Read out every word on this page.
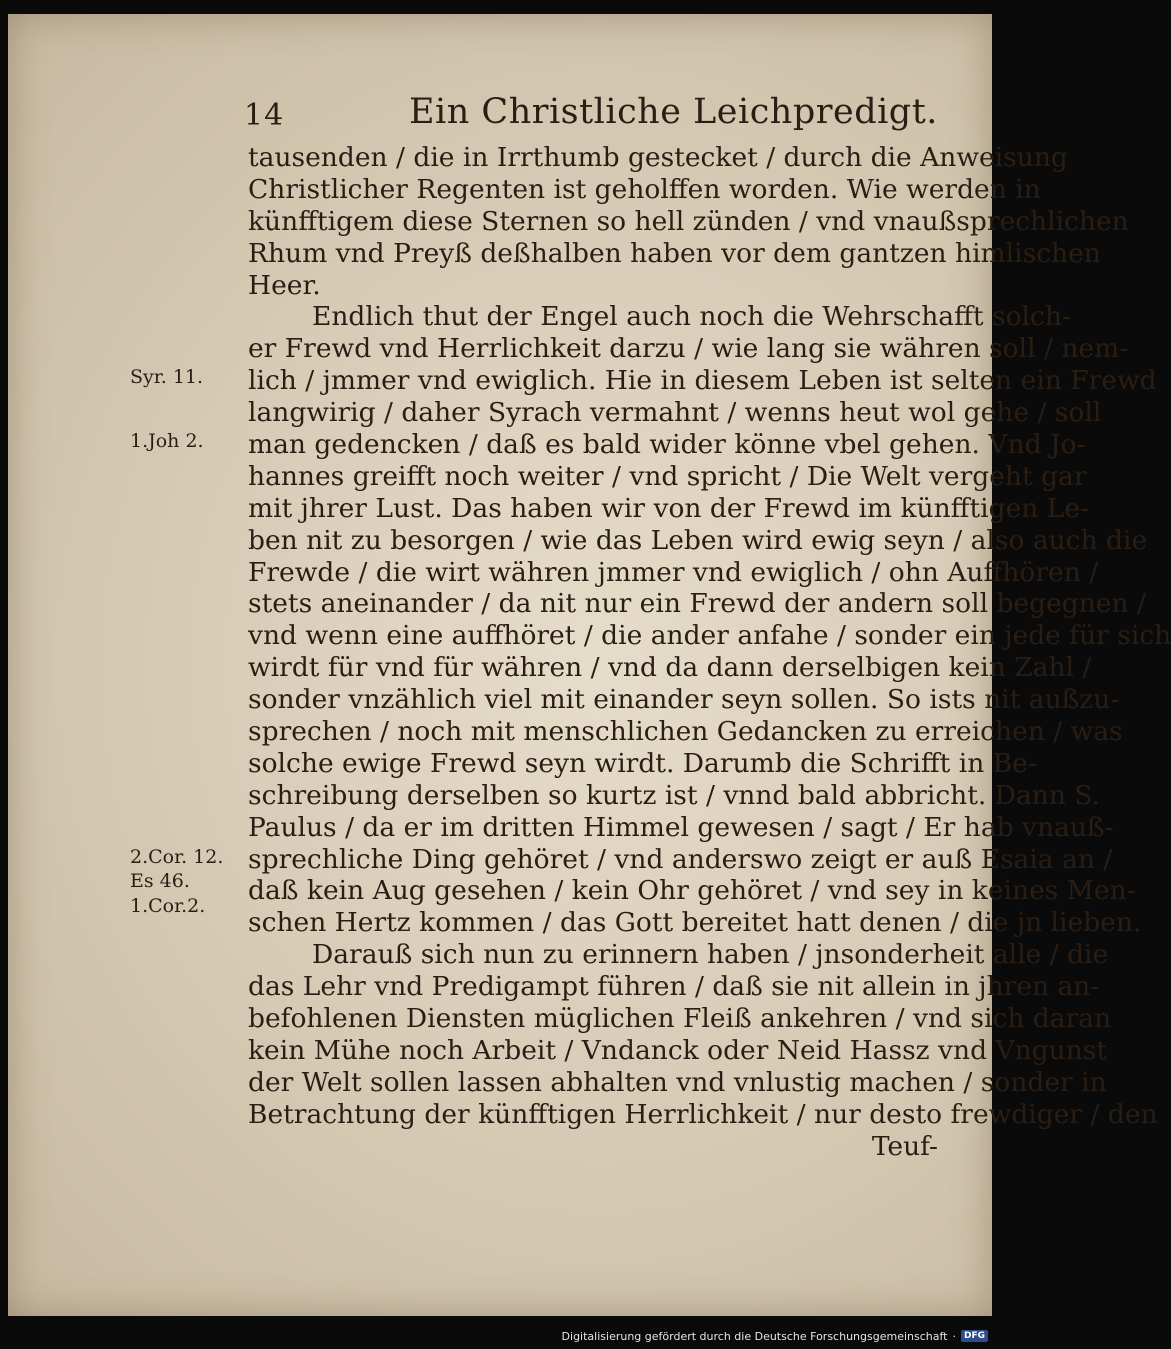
14	Ein Christliche Leichpredigt.
tausenden / die in Irrthumb gestecket / durch die Anweisung
Christlicher Regenten ist geholffen worden. Wie werden in
künfftigem diese Sternen so hell zünden / vnd vnaußsprechlichen
Rhum vnd Preyß deßhalben haben vor dem gantzen himlischen
Heer.
Endlich thut der Engel auch noch die Wehrschafft solch-
er Frewd vnd Herrlichkeit darzu / wie lang sie währen soll / nem-
lich / jmmer vnd ewiglich. Hie in diesem Leben ist selten ein Frewd
langwirig / daher Syrach vermahnt / wenns heut wol gehe / soll
man gedencken / daß es bald wider könne vbel gehen. Vnd Jo-
hannes greifft noch weiter / vnd spricht / Die Welt vergeht gar
mit jhrer Lust. Das haben wir von der Frewd im künfftigen Le-
ben nit zu besorgen / wie das Leben wird ewig seyn / also auch die
Frewde / die wirt währen jmmer vnd ewiglich / ohn Auffhören /
stets aneinander / da nit nur ein Frewd der andern soll begegnen /
vnd wenn eine auffhöret / die ander anfahe / sonder ein jede für sich
wirdt für vnd für währen / vnd da dann derselbigen kein Zahl /
sonder vnzählich viel mit einander seyn sollen. So ists nit außzu-
sprechen / noch mit menschlichen Gedancken zu erreichen / was
solche ewige Frewd seyn wirdt. Darumb die Schrifft in Be-
schreibung derselben so kurtz ist / vnnd bald abbricht. Dann S.
Paulus / da er im dritten Himmel gewesen / sagt / Er hab vnauß-
sprechliche Ding gehöret / vnd anderswo zeigt er auß Esaia an /
daß kein Aug gesehen / kein Ohr gehöret / vnd sey in keines Men-
schen Hertz kommen / das Gott bereitet hatt denen / die jn lieben.
Darauß sich nun zu erinnern haben / jnsonderheit alle / die
das Lehr vnd Predigampt führen / daß sie nit allein in jhren an-
befohlenen Diensten müglichen Fleiß ankehren / vnd sich daran
kein Mühe noch Arbeit / Vndanck oder Neid Hassz vnd Vngunst
der Welt sollen lassen abhalten vnd vnlustig machen / sonder in
Betrachtung der künfftigen Herrlichkeit / nur desto frewdiger / den
Teuf-
Syr. 11.
1.Joh 2.
2.Cor. 12.
Es 46.
1.Cor.2.
Digitalisierung gefördert durch die Deutsche Forschungsgemeinschaft · DFG
